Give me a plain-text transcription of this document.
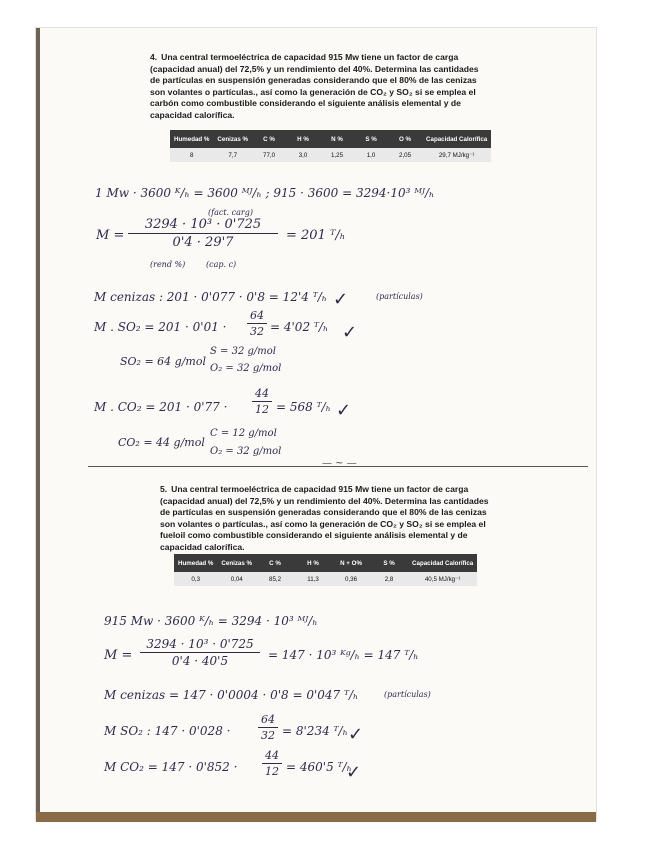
4. Una central termoeléctrica de capacidad 915 Mw tiene un factor de carga (capacidad anual) del 72,5% y un rendimiento del 40%. Determina las cantidades de partículas en suspensión generadas considerando que el 80% de las cenizas son volantes o partículas., así como la generación de CO₂ y SO₂ si se emplea el carbón como combustible considerando el siguiente análisis elemental y de capacidad calorífica.
Humedad %	Cenizas %	C %	H %	N %	S %	O %	Capacidad Calorífica
8	7,7	77,0	3,0	1,25	1,0	2,05	29,7 MJ/kg⁻¹
1 Mw · 3600 ᴷ/ₕ = 3600 ᴹᴶ/ₕ ; 915 · 3600 = 3294·10³ ᴹᴶ/ₕ
(fact. carg)
M =
3294 · 10³ · 0'725
0'4 · 29'7	= 201 ᵀ/ₕ
(rend %)	(cap. c)
M cenizas : 201 · 0'077 · 0'8 = 12'4 ᵀ/ₕ	(partículas)
✓
M . SO₂ = 201 · 0'01 ·
64
32 = 4'02 ᵀ/ₕ ✓
SO₂ = 64 g/mol
S = 32 g/mol
O₂ = 32 g/mol
M . CO₂ = 201 · 0'77 ·
44
12 = 568 ᵀ/ₕ ✓
CO₂ = 44 g/mol
C = 12 g/mol
O₂ = 32 g/mol
— ~ —
5. Una central termoeléctrica de capacidad 915 Mw tiene un factor de carga (capacidad anual) del 72,5% y un rendimiento del 40%. Determina las cantidades de partículas en suspensión generadas considerando que el 80% de las cenizas son volantes o partículas., así como la generación de CO₂ y SO₂ si se emplea el fueloil como combustible considerando el siguiente análisis elemental y de capacidad calorífica.
Humedad %	Cenizas %	C %	H %	N + O%	S %	Capacidad Calorífica
0,3	0,04	85,2	11,3	0,36	2,8	40,5 MJ/kg⁻¹
915 Mw · 3600 ᴷ/ₕ = 3294 · 10³ ᴹᴶ/ₕ
M =
3294 · 10³ · 0'725
0'4 · 40'5	= 147 · 10³ ᴷᵍ/ₕ = 147 ᵀ/ₕ
M cenizas = 147 · 0'0004 · 0'8 = 0'047 ᵀ/ₕ	(partículas)
M SO₂ : 147 · 0'028 ·
64
32 = 8'234 ᵀ/ₕ ✓
M CO₂ = 147 · 0'852 ·
44
12 = 460'5 ᵀ/ₕ
✓
